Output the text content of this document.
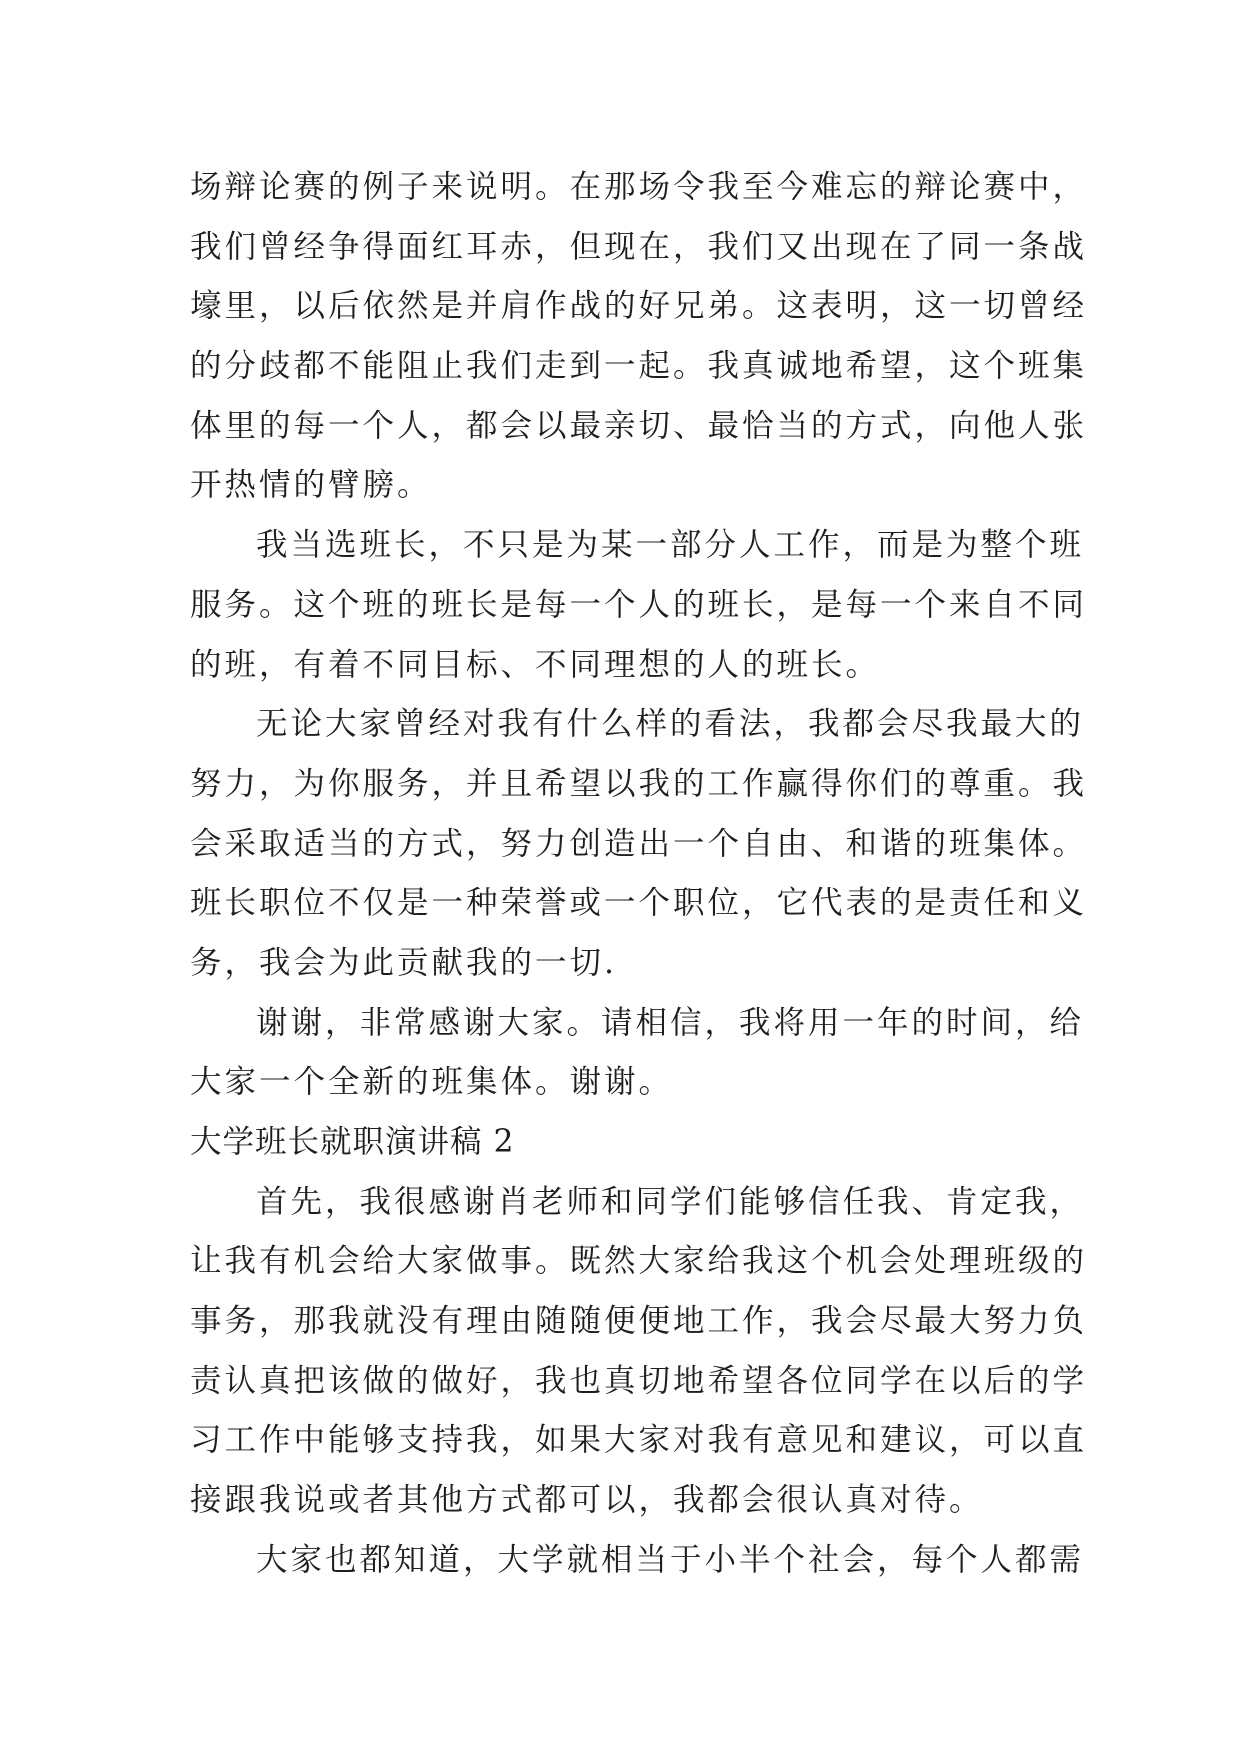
场辩论赛的例子来说明。在那场令我至今难忘的辩论赛中，
我们曾经争得面红耳赤，但现在，我们又出现在了同一条战
壕里，以后依然是并肩作战的好兄弟。这表明，这一切曾经
的分歧都不能阻止我们走到一起。我真诚地希望，这个班集
体里的每一个人，都会以最亲切、最恰当的方式，向他人张
开热情的臂膀。
我当选班长，不只是为某一部分人工作，而是为整个班
服务。这个班的班长是每一个人的班长，是每一个来自不同
的班，有着不同目标、不同理想的人的班长。
无论大家曾经对我有什么样的看法，我都会尽我最大的
努力，为你服务，并且希望以我的工作赢得你们的尊重。我
会采取适当的方式，努力创造出一个自由、和谐的班集体。
班长职位不仅是一种荣誉或一个职位，它代表的是责任和义
务，我会为此贡献我的一切.
谢谢，非常感谢大家。请相信，我将用一年的时间，给
大家一个全新的班集体。谢谢。
大学班长就职演讲稿 2
首先，我很感谢肖老师和同学们能够信任我、肯定我，
让我有机会给大家做事。既然大家给我这个机会处理班级的
事务，那我就没有理由随随便便地工作，我会尽最大努力负
责认真把该做的做好，我也真切地希望各位同学在以后的学
习工作中能够支持我，如果大家对我有意见和建议，可以直
接跟我说或者其他方式都可以，我都会很认真对待。
大家也都知道，大学就相当于小半个社会，每个人都需
